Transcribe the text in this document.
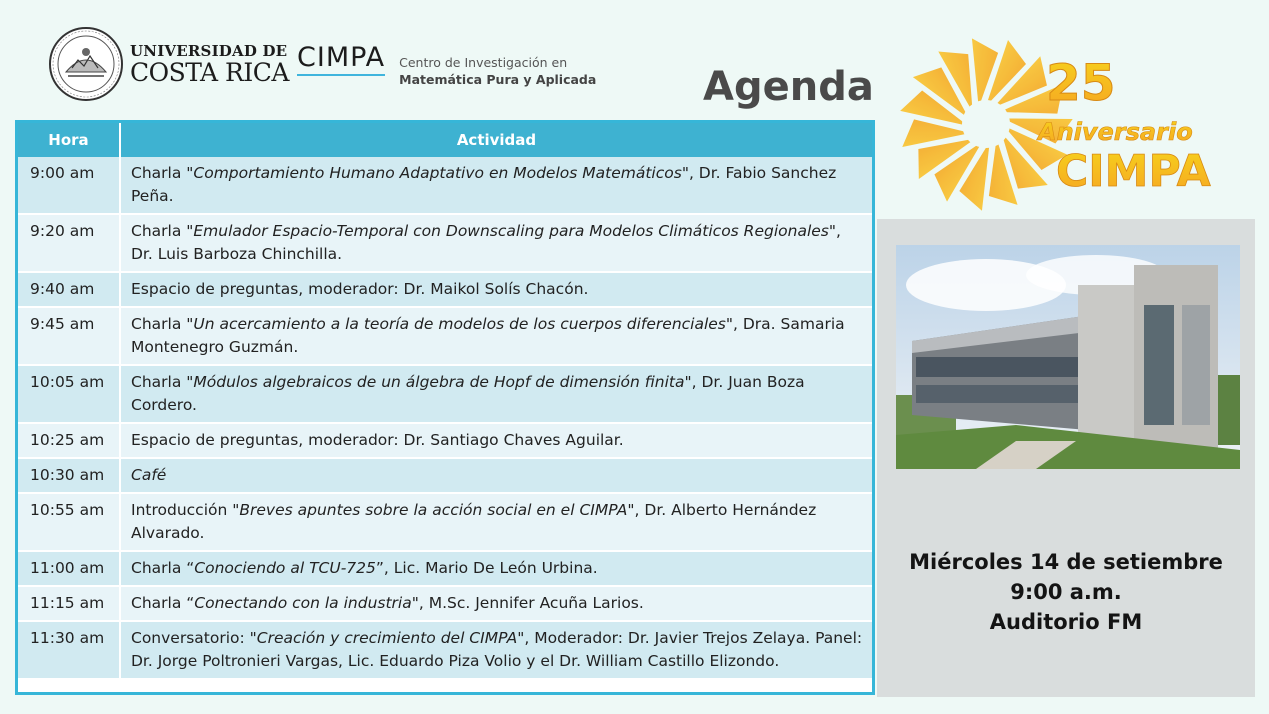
UNIVERSIDAD DE
COSTA RICA CIMPA Centro de Investigación en
Matemática Pura y Aplicada	Agenda	25
Aniversario
CIMPA
Hora	Actividad
9:00 am	Charla "Comportamiento Humano Adaptativo en Modelos Matemáticos", Dr. Fabio Sanchez Peña.
9:20 am	Charla "Emulador Espacio-Temporal con Downscaling para Modelos Climáticos Regionales", Dr. Luis Barboza Chinchilla.
9:40 am	Espacio de preguntas, moderador: Dr. Maikol Solís Chacón.
9:45 am	Charla "Un acercamiento a la teoría de modelos de los cuerpos diferenciales", Dra. Samaria Montenegro Guzmán.
10:05 am	Charla "Módulos algebraicos de un álgebra de Hopf de dimensión finita", Dr. Juan Boza Cordero.
10:25 am	Espacio de preguntas, moderador: Dr. Santiago Chaves Aguilar.
10:30 am	Café
10:55 am	Introducción "Breves apuntes sobre la acción social en el CIMPA", Dr. Alberto Hernández Alvarado.
11:00 am	Charla “Conociendo al TCU-725”, Lic. Mario De León Urbina.
11:15 am	Charla “Conectando con la industria", M.Sc. Jennifer Acuña Larios.
11:30 am	Conversatorio: "Creación y crecimiento del CIMPA", Moderador: Dr. Javier Trejos Zelaya. Panel: Dr. Jorge Poltronieri Vargas, Lic. Eduardo Piza Volio y el Dr. William Castillo Elizondo.
Miércoles 14 de setiembre
9:00 a.m.
Auditorio FM
